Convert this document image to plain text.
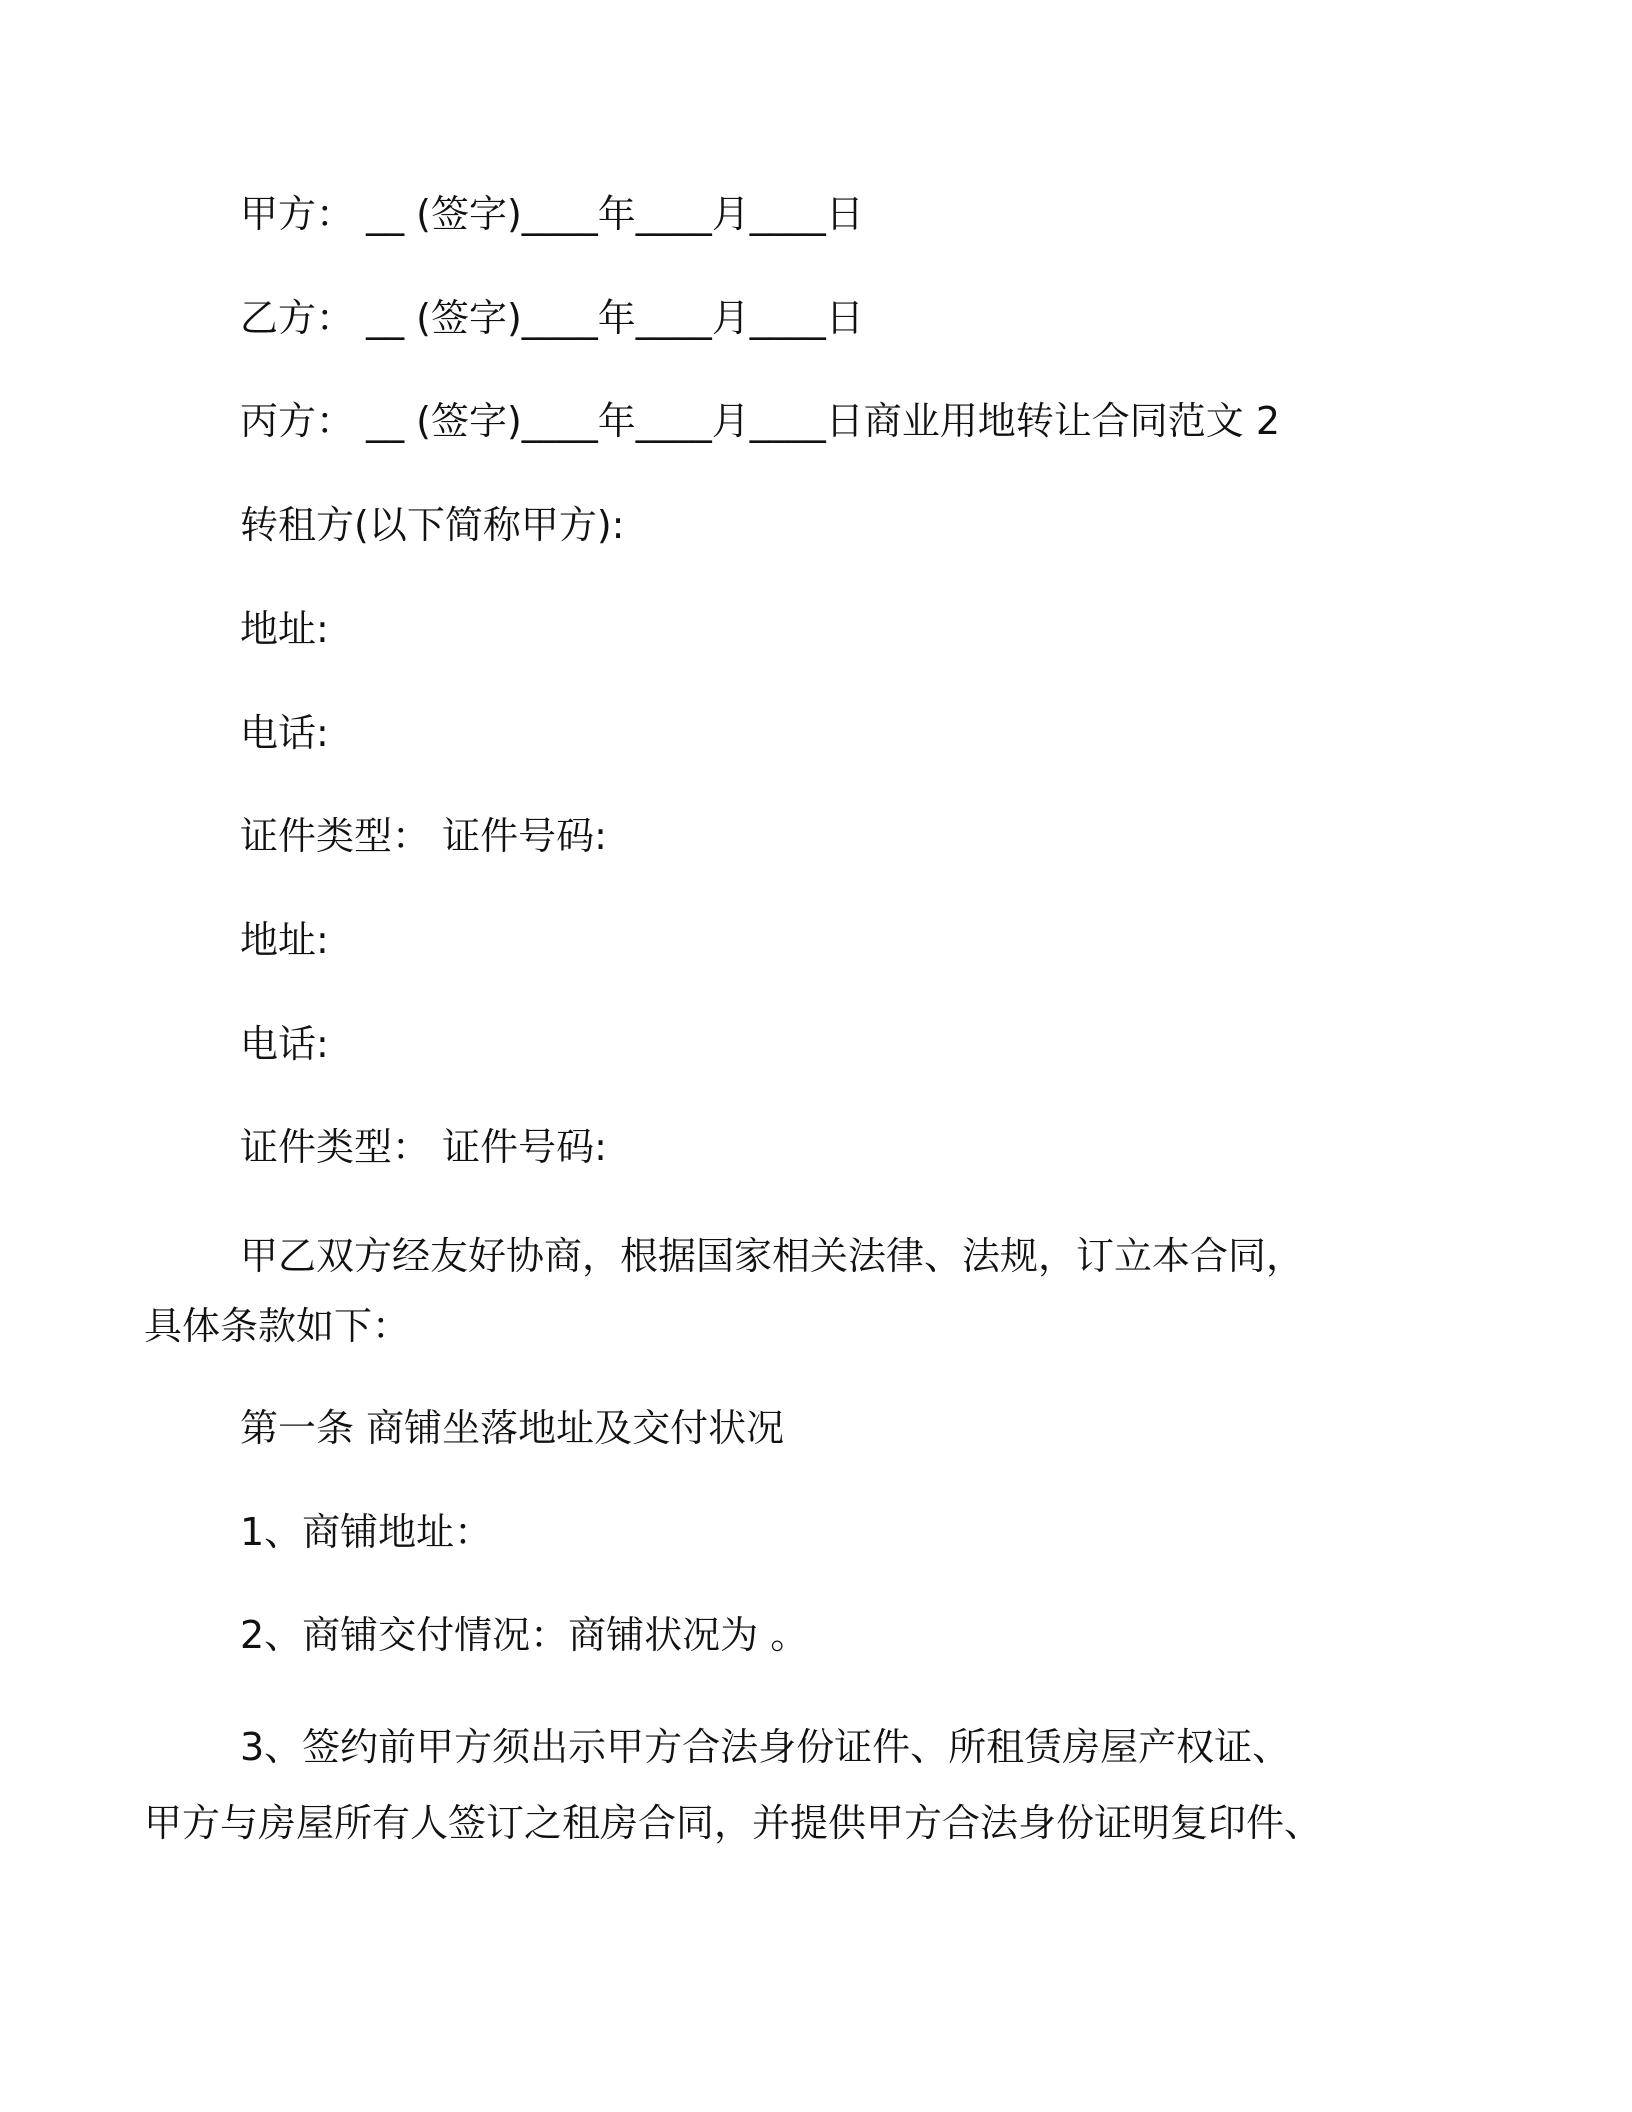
甲方： __ (签字)____年____月____日

乙方： __ (签字)____年____月____日

丙方： __ (签字)____年____月____日商业用地转让合同范文 2

转租方(以下简称甲方):

地址:

电话:

证件类型： 证件号码:

地址:

电话:

证件类型： 证件号码:

甲乙双方经友好协商，根据国家相关法律、法规，订立本合同，
具体条款如下：

第一条 商铺坐落地址及交付状况

1、商铺地址：

2、商铺交付情况：商铺状况为 。

3、签约前甲方须出示甲方合法身份证件、所租赁房屋产权证、
甲方与房屋所有人签订之租房合同，并提供甲方合法身份证明复印件、
